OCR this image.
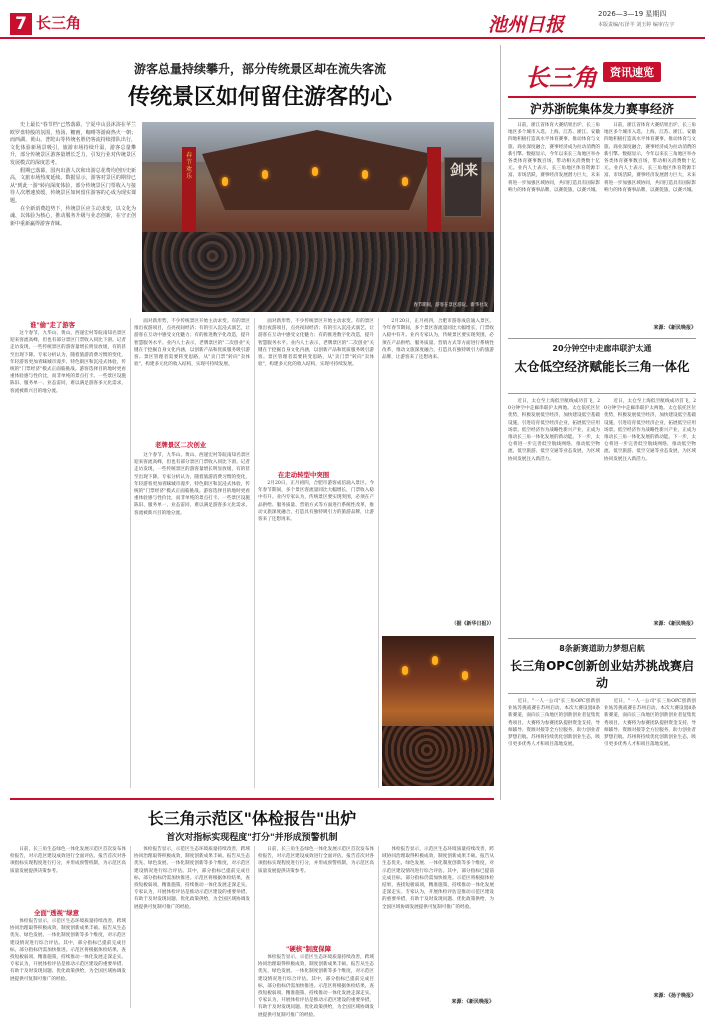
7 长三角	池州日报	2026—3—19 星期四
本版责编/石泽羊 刘玉婷 编审/左宇
游客总量持续攀升，部分传统景区却在流失客流
传统景区如何留住游客的心
　　史上最长"春节档"已然落幕，宁夏中山县沐浴在苹兰欧罗盘特般的氛围，热汤、糖画，咖啡等游商热火一朝；而西湖、黄山、普陀山等传统名胜仍客流持续排队出行，文化体验新场景吸引，旅游市场持续升温，游客总量攀升，部分传统景区游客量增长乏力，引发行业对传统景区发展模式的深度思考。
　　假期已落幕，国内出游人次和出游总花费均创历史新高，文旅市场热度延续。数据显示，游客对景区的期待已从"到此一游"转向深度体验，部分传统景区门票收入与接待人次增速放缓，传统景区如何留住游客的心成为现实课题。
　　在全新消费趋势下，传统景区应主动求变，以文化为魂、以体验为核心，推动服务升级与业态创新，在守正创新中重新赢得游客青睐。
春节欢乐	剑来
春节期间，游客在景区游玩。新华社发
谁"偷"走了游客
　　这个春节，九华山、黄山、西递宏村等皖南知名景区迎来客流高峰，但也有部分景区门票收入同比下滑。记者走访发现，一些传统景区的游客量增长明显放缓，有的甚至出现下降。专家分析认为，随着旅游消费习惯的变化，年轻游客更加青睐城市漫步、特色街区和沉浸式体验，传统的"门票经济"模式正面临挑战。游客选择目的地时更看重体验感与性价比，而非单纯的景点打卡。一些景区设施陈旧、服务单一、业态雷同，难以满足游客多元化需求，客流被新兴目的地分流。
老牌景区二次创业
　　面对新形势，不少传统景区开始主动求变。有的景区推出夜游项目，点亮夜间经济；有的引入沉浸式演艺，让游客在互动中感受文化魅力；有的推进数字化改造，提升智慧服务水平。业内人士表示，老牌景区的"二次创业"关键在于挖掘自身文化内涵，以创新产品和优质服务吸引游客。景区管理者需要转变思路，从"卖门票"转向"卖体验"，构建多元化的收入结构，实现可持续发展。
　　这个春节，九华山、黄山、西递宏村等皖南知名景区迎来客流高峰，但也有部分景区门票收入同比下滑。记者走访发现，一些传统景区的游客量增长明显放缓，有的甚至出现下降。专家分析认为，随着旅游消费习惯的变化，年轻游客更加青睐城市漫步、特色街区和沉浸式体验，传统的"门票经济"模式正面临挑战。游客选择目的地时更看重体验感与性价比，而非单纯的景点打卡。一些景区设施陈旧、服务单一、业态雷同，难以满足游客多元化需求，客流被新兴目的地分流。
　　面对新形势，不少传统景区开始主动求变。有的景区推出夜游项目，点亮夜间经济；有的引入沉浸式演艺，让游客在互动中感受文化魅力；有的推进数字化改造，提升智慧服务水平。业内人士表示，老牌景区的"二次创业"关键在于挖掘自身文化内涵，以创新产品和优质服务吸引游客。景区管理者需要转变思路，从"卖门票"转向"卖体验"，构建多元化的收入结构，实现可持续发展。
在走动转型中突围
　　2月20日，正月初四，合肥市游客成倍涌入景区。今年春节期间，多个景区客流量同比大幅增长，门票收入稳中有升。业内专家认为，传统景区要实现突围，必须在产品供给、服务质量、营销方式等方面进行系统性改革，推动文旅深度融合，打造具有独特吸引力的旅游品牌，让游客来了还想再来。
　　2月20日，正月初四，合肥市游客成倍涌入景区。今年春节期间，多个景区客流量同比大幅增长，门票收入稳中有升。业内专家认为，传统景区要实现突围，必须在产品供给、服务质量、营销方式等方面进行系统性改革，推动文旅深度融合，打造具有独特吸引力的旅游品牌，让游客来了还想再来。
（据《新华日报》）
长三角	资讯速览
沪苏浙皖集体发力赛事经济
　　日前，浙江省体育大赛结果出炉，长三角地区多个城市入选。上海、江苏、浙江、安徽四地积极打造高水平体育赛事，推动体育与文旅、商业深度融合，赛事经济成为拉动消费的新引擎。数据显示，今年以来长三角地区举办各类体育赛事数百场，带动相关消费数十亿元。业内人士表示，长三角地区体育资源丰富、市场活跃，赛事经济发展潜力巨大，未来将进一步加强区域协同，共同打造具有国际影响力的体育赛事品牌，以赛促旅、以赛兴城。
　　日前，浙江省体育大赛结果出炉，长三角地区多个城市入选。上海、江苏、浙江、安徽四地积极打造高水平体育赛事，推动体育与文旅、商业深度融合，赛事经济成为拉动消费的新引擎。数据显示，今年以来长三角地区举办各类体育赛事数百场，带动相关消费数十亿元。业内人士表示，长三角地区体育资源丰富、市场活跃，赛事经济发展潜力巨大，未来将进一步加强区域协同，共同打造具有国际影响力的体育赛事品牌，以赛促旅、以赛兴城。
来源：《新民晚报》
20分钟空中走廊串联沪太通
太仓低空经济赋能长三角一体化
　　近日，太仓至上海低空航线成功首飞，20分钟空中走廊串联沪太两地。太仓依托区位优势，积极发展低空经济，加快建设低空基础设施，引进培育低空经济企业，拓展低空应用场景。低空经济作为战略性新兴产业，正成为推动长三角一体化发展的新动能。下一步，太仓将进一步完善低空航线网络，推动低空物流、低空旅游、低空交通等业态发展，为区域协同发展注入新活力。
　　近日，太仓至上海低空航线成功首飞，20分钟空中走廊串联沪太两地。太仓依托区位优势，积极发展低空经济，加快建设低空基础设施，引进培育低空经济企业，拓展低空应用场景。低空经济作为战略性新兴产业，正成为推动长三角一体化发展的新动能。下一步，太仓将进一步完善低空航线网络，推动低空物流、低空旅游、低空交通等业态发展，为区域协同发展注入新活力。
来源：《新民晚报》
8条新赛道助力梦想启航
长三角OPC创新创业姑苏挑战赛启动
　　近日，"一人一公司"长三角OPC创新创业姑苏挑战赛在苏州启动。本次大赛设置8条新赛道，面向长三角地区的创新创业者征集优秀项目。大赛将为参赛团队提供资金支持、导师辅导、资源对接等全方位服务，助力创业者梦想启航。苏州将持续优化创新创业生态，吸引更多优秀人才和项目落地发展。
　　近日，"一人一公司"长三角OPC创新创业姑苏挑战赛在苏州启动。本次大赛设置8条新赛道，面向长三角地区的创新创业者征集优秀项目。大赛将为参赛团队提供资金支持、导师辅导、资源对接等全方位服务，助力创业者梦想启航。苏州将持续优化创新创业生态，吸引更多优秀人才和项目落地发展。
来源：《扬子晚报》
长三角示范区"体检报告"出炉
首次对指标实现程度"打分"并形成预警机制
　　日前，长三角生态绿色一体化发展示范区首次发布体检报告，对示范区建设成效进行全面评估。报告首次对各项指标实现程度进行打分，并形成预警机制，为示范区高质量发展提供决策参考。
全面"透视"绿意
　　体检报告显示，示范区生态环境质量持续改善，跨域协同治理取得积极成效，制度创新成果丰硕。报告从生态优先、绿色发展、一体化制度创新等多个维度，对示范区建设情况进行综合评估。其中，部分指标已提前完成目标，部分指标仍需加快推进。示范区将根据体检结果，查找短板弱项，精准施策，持续推动一体化发展走深走实。专家认为，开展体检评估是推动示范区建设的重要举措，有助于及时发现问题、优化政策供给，为全国区域协调发展提供可复制可推广的经验。
　　体检报告显示，示范区生态环境质量持续改善，跨域协同治理取得积极成效，制度创新成果丰硕。报告从生态优先、绿色发展、一体化制度创新等多个维度，对示范区建设情况进行综合评估。其中，部分指标已提前完成目标，部分指标仍需加快推进。示范区将根据体检结果，查找短板弱项，精准施策，持续推动一体化发展走深走实。专家认为，开展体检评估是推动示范区建设的重要举措，有助于及时发现问题、优化政策供给，为全国区域协调发展提供可复制可推广的经验。
　　日前，长三角生态绿色一体化发展示范区首次发布体检报告，对示范区建设成效进行全面评估。报告首次对各项指标实现程度进行打分，并形成预警机制，为示范区高质量发展提供决策参考。
"硬核"制度保障
　　体检报告显示，示范区生态环境质量持续改善，跨域协同治理取得积极成效，制度创新成果丰硕。报告从生态优先、绿色发展、一体化制度创新等多个维度，对示范区建设情况进行综合评估。其中，部分指标已提前完成目标，部分指标仍需加快推进。示范区将根据体检结果，查找短板弱项，精准施策，持续推动一体化发展走深走实。专家认为，开展体检评估是推动示范区建设的重要举措，有助于及时发现问题、优化政策供给，为全国区域协调发展提供可复制可推广的经验。
　　体检报告显示，示范区生态环境质量持续改善，跨域协同治理取得积极成效，制度创新成果丰硕。报告从生态优先、绿色发展、一体化制度创新等多个维度，对示范区建设情况进行综合评估。其中，部分指标已提前完成目标，部分指标仍需加快推进。示范区将根据体检结果，查找短板弱项，精准施策，持续推动一体化发展走深走实。专家认为，开展体检评估是推动示范区建设的重要举措，有助于及时发现问题、优化政策供给，为全国区域协调发展提供可复制可推广的经验。
来源：《新民晚报》
